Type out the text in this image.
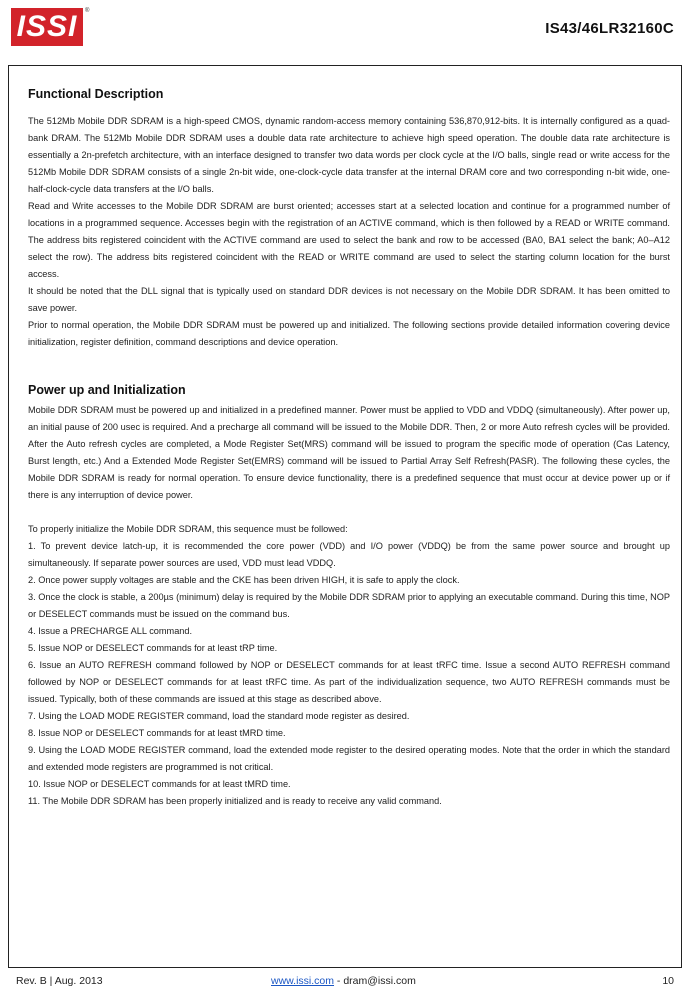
ISSI ®
IS43/46LR32160C
Functional Description

The 512Mb Mobile DDR SDRAM is a high-speed CMOS, dynamic random-access memory containing 536,870,912-bits. It is internally configured as a quad-bank DRAM. The 512Mb Mobile DDR SDRAM uses a double data rate architecture to achieve high speed operation. The double data rate architecture is essentially a 2n-prefetch architecture, with an interface designed to transfer two data words per clock cycle at the I/O balls, single read or write access for the 512Mb Mobile DDR SDRAM consists of a single 2n-bit wide, one-clock-cycle data transfer at the internal DRAM core and two corresponding n-bit wide, one-half-clock-cycle data transfers at the I/O balls.

Read and Write accesses to the Mobile DDR SDRAM are burst oriented; accesses start at a selected location and continue for a programmed number of locations in a programmed sequence. Accesses begin with the registration of an ACTIVE command, which is then followed by a READ or WRITE command. The address bits registered coincident with the ACTIVE command are used to select the bank and row to be accessed (BA0, BA1 select the bank; A0–A12 select the row). The address bits registered coincident with the READ or WRITE command are used to select the starting column location for the burst access.

It should be noted that the DLL signal that is typically used on standard DDR devices is not necessary on the Mobile DDR SDRAM. It has been omitted to save power.

Prior to normal operation, the Mobile DDR SDRAM must be powered up and initialized. The following sections provide detailed information covering device initialization, register definition, command descriptions and device operation.

Power up and Initialization

Mobile DDR SDRAM must be powered up and initialized in a predefined manner. Power must be applied to VDD and VDDQ (simultaneously). After power up, an initial pause of 200 usec is required. And a precharge all command will be issued to the Mobile DDR. Then, 2 or more Auto refresh cycles will be provided. After the Auto refresh cycles are completed, a Mode Register Set(MRS) command will be issued to program the specific mode of operation (Cas Latency, Burst length, etc.) And a Extended Mode Register Set(EMRS) command will be issued to Partial Array Self Refresh(PASR). The following these cycles, the Mobile DDR SDRAM is ready for normal operation. To ensure device functionality, there is a predefined sequence that must occur at device power up or if there is any interruption of device power.

To properly initialize the Mobile DDR SDRAM, this sequence must be followed:

1. To prevent device latch-up, it is recommended the core power (VDD) and I/O power (VDDQ) be from the same power source and brought up simultaneously. If separate power sources are used, VDD must lead VDDQ.

2. Once power supply voltages are stable and the CKE has been driven HIGH, it is safe to apply the clock.

3. Once the clock is stable, a 200µs (minimum) delay is required by the Mobile DDR SDRAM prior to applying an executable command. During this time, NOP or DESELECT commands must be issued on the command bus.

4. Issue a PRECHARGE ALL command.

5. Issue NOP or DESELECT commands for at least tRP time.

6. Issue an AUTO REFRESH command followed by NOP or DESELECT commands for at least tRFC time. Issue a second AUTO REFRESH command followed by NOP or DESELECT commands for at least tRFC time. As part of the individualization sequence, two AUTO REFRESH commands must be issued. Typically, both of these commands are issued at this stage as described above.

7. Using the LOAD MODE REGISTER command, load the standard mode register as desired.

8. Issue NOP or DESELECT commands for at least tMRD time.

9. Using the LOAD MODE REGISTER command, load the extended mode register to the desired operating modes. Note that the order in which the standard and extended mode registers are programmed is not critical.

10. Issue NOP or DESELECT commands for at least tMRD time.

11. The Mobile DDR SDRAM has been properly initialized and is ready to receive any valid command.

Rev. B | Aug. 2013	www.issi.com - dram@issi.com	10
